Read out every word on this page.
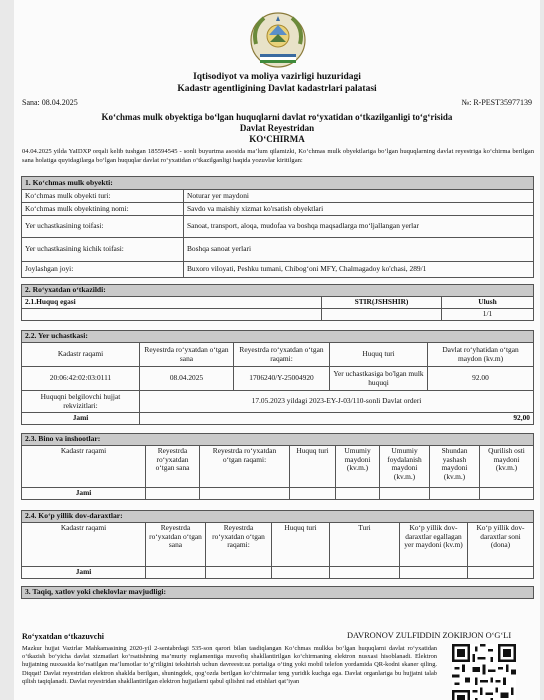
Iqtisodiyot va moliya vazirligi huzuridagi
Kadastr agentligining Davlat kadastrlari palatasi
Sana: 08.04.2025	№: R-PEST35977139
Ko‘chmas mulk obyektiga bo‘lgan huquqlarni davlat ro‘yxatidan o‘tkazilganligi to‘g‘risida
Davlat Reyestridan
KO‘CHIRMA
04.04.2025 yilda YaIDXP orqali kelib tushgan 185594545 - sonli buyurtma asosida ma’lum qilamizki, Ko‘chmas mulk obyektlariga bo‘lgan huquqlarning davlat reyestriga ko‘chirma berilgan sana holatiga quyidagilarga bo‘lgan huquqlar davlat ro‘yxatidan o‘tkazilganligi haqida yozuvlar kiritilgan:
1. Ko‘chmas mulk obyekti:	
Ko‘chmas mulk obyekti turi:	Noturar yer maydoni
Ko‘chmas mulk obyektining nomi:	Savdo va maishiy xizmat ko'rsatish obyektlari
Yer uchastkasining toifasi:	Sanoat, transport, aloqa, mudofaa va boshqa maqsadlarga mo‘ljallangan yerlar
Yer uchastkasining kichik toifasi:	Boshqa sanoat yerlari
Joylashgan joyi:	Buxoro viloyati, Peshku tumani, Chibog‘oni MFY, Chalmagadoy ko'chasi, 289/1
2. Ro‘yxatdan o‘tkazildi:		
2.1.Huquq egasi	STIR(JSHSHIR)	Ulush
		1/1
2.2. Yer uchastkasi:				
Kadastr raqami	Reyestrda ro‘yxatdan o‘tgan sana	Reyestrda ro‘yxatdan o‘tgan raqami:	Huquq turi	Davlat ro‘yhatidan o‘tgan maydon (kv.m)
20:06:42:02:03:0111	08.04.2025	1706240/Y-25004920	Yer uchastkasiga bo'lgan mulk huquqi	92.00
Huquqni belgilovchi hujjat rekvizitlari:	17.05.2023 yildagi 2023-EY-J-03/110-sonli Davlat orderi			
Jami	92,00			
2.3. Bino va inshootlar:							
Kadastr raqami	Reyestrda ro‘yxatdan o‘tgan sana	Reyestrda ro‘yxatdan o‘tgan raqami:	Huquq turi	Umumiy maydoni (kv.m.)	Umumiy foydalanish maydoni (kv.m.)	Shundan yashash maydoni (kv.m.)	Qurilish osti maydoni (kv.m.)
Jami							
2.4. Ko‘p yillik dov-daraxtlar:						
Kadastr raqami	Reyestrda ro‘yxatdan o‘tgan sana	Reyestrda ro‘yxatdan o‘tgan raqami:	Huquq turi	Turi	Ko‘p yillik dov-daraxtlar egallagan yer maydoni (kv.m)	Ko‘p yillik dov-daraxtlar soni (dona)
Jami						
3. Taqiq, xatlov yoki cheklovlar mavjudligi:
Ro‘yxatdan o‘tkazuvchi	DAVRONOV ZULFIDDIN ZOKIRJON O‘G‘LI
Mazkur hujjat Vazirlar Mahkamasining 2020-yil 2-sentabrdagi 535-son qarori bilan tasdiqlangan Ko‘chmas mulkka bo‘lgan huquqlarni davlat ro‘yxatidan o‘tkazish bo‘yicha davlat xizmatlari ko‘rsatishning ma’muriy reglamentiga muvofiq shakllantirilgan ko‘chirmaning elektron nusxasi hisoblanadi. Elektron hujjatning nusxasida ko‘rsatilgan ma’lumotlar to‘g‘riligini tekshirish uchun davreestr.uz portaliga o‘ting yoki mobil telefon yordamida QR-kodni skaner qiling. Diqqat! Davlat reyestridan elektron shaklda berilgan, shuningdek, qog‘ozda berilgan ko‘chirmalar teng yuridik kuchga ega. Davlat organlariga bu hujjatni talab qilish taqiqlanadi. Davlat reyestridan shakllantirilgan elektron hujjatlarni qabul qilishni rad etishlari qat’iyan
